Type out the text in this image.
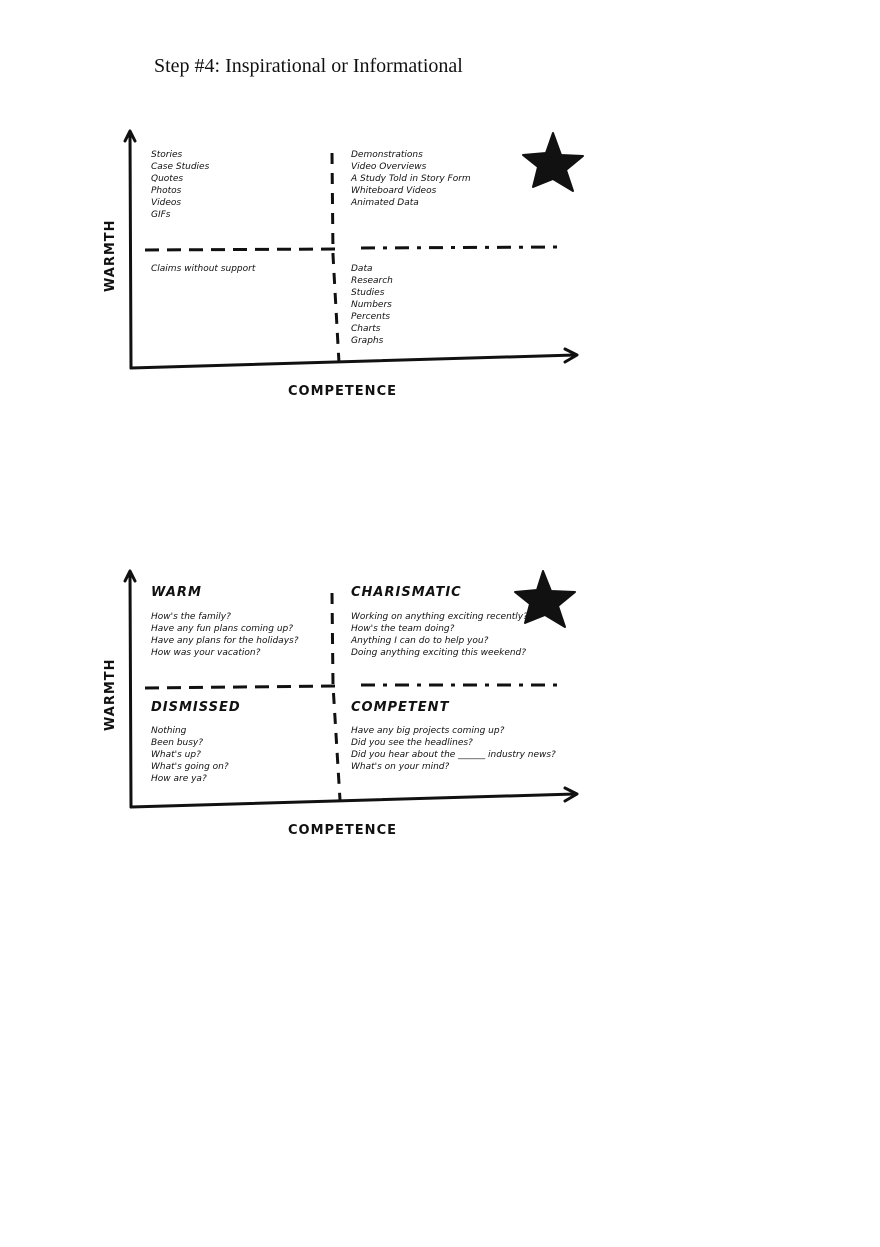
Step #4: Inspirational or Informational
WARMTH
COMPETENCE
Stories
Case Studies
Quotes
Photos
Videos
GIFs
Demonstrations
Video Overviews
A Study Told in Story Form
Whiteboard Videos
Animated Data
Claims without support	Data
Research
Studies
Numbers
Percents
Charts
Graphs
WARMTH
COMPETENCE
WARM
How's the family?
Have any fun plans coming up?
Have any plans for the holidays?
How was your vacation?
CHARISMATIC
Working on anything exciting recently?
How's the team doing?
Anything I can do to help you?
Doing anything exciting this weekend?
DISMISSED
Nothing
Been busy?
What's up?
What's going on?
How are ya?
COMPETENT
Have any big projects coming up?
Did you see the headlines?
Did you hear about the ______ industry news?
What's on your mind?
